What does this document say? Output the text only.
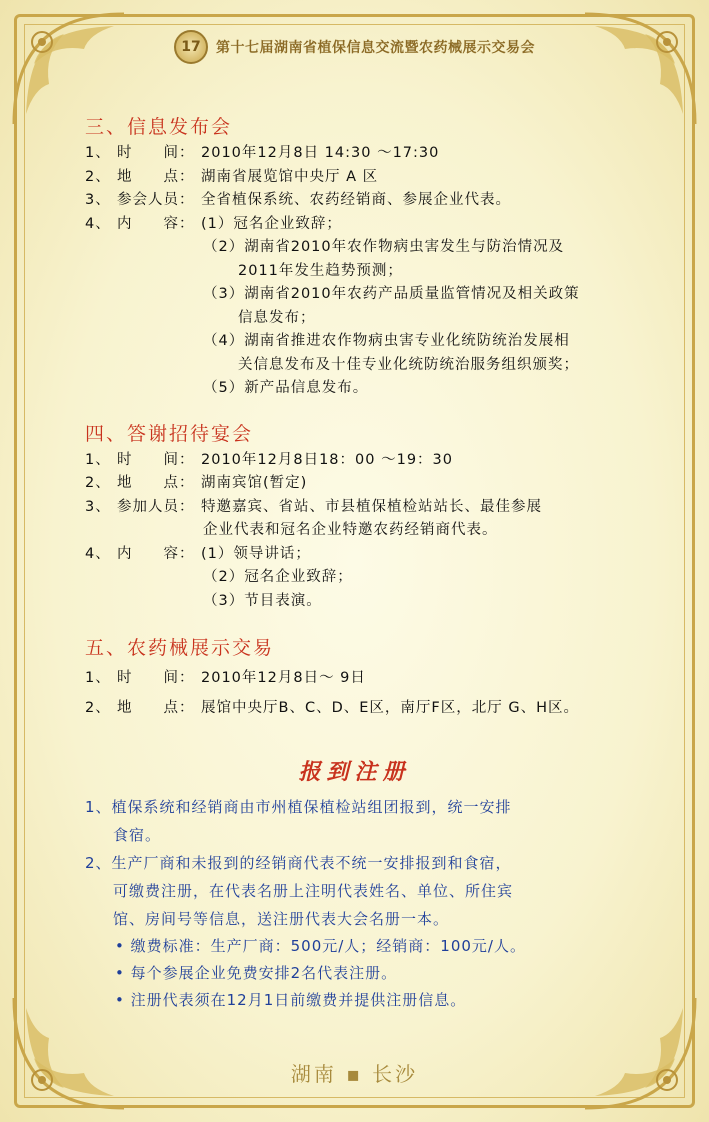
17	第十七届湖南省植保信息交流暨农药械展示交易会
三、信息发布会
1、 时　　间： 2010年12月8日 14:30 ～17:30
2、 地　　点： 湖南省展览馆中央厅 A 区
3、 参会人员： 全省植保系统、农药经销商、参展企业代表。
4、 内　　容： (1）冠名企业致辞；
（2）湖南省2010年农作物病虫害发生与防治情况及
2011年发生趋势预测；
（3）湖南省2010年农药产品质量监管情况及相关政策
信息发布；
（4）湖南省推进农作物病虫害专业化统防统治发展相
关信息发布及十佳专业化统防统治服务组织颁奖；
（5）新产品信息发布。
四、答谢招待宴会
1、 时　　间： 2010年12月8日18：00 ～19：30
2、 地　　点： 湖南宾馆(暂定)
3、 参加人员： 特邀嘉宾、省站、市县植保植检站站长、最佳参展
企业代表和冠名企业特邀农药经销商代表。
4、 内　　容： (1）领导讲话；
（2）冠名企业致辞；
（3）节目表演。
五、农药械展示交易
1、 时　　间： 2010年12月8日～ 9日
2、 地　　点： 展馆中央厅B、C、D、E区，南厅F区，北厅 G、H区。
报到注册
1、植保系统和经销商由市州植保植检站组团报到，统一安排
食宿。
2、生产厂商和未报到的经销商代表不统一安排报到和食宿，
可缴费注册，在代表名册上注明代表姓名、单位、所住宾
馆、房间号等信息，送注册代表大会名册一本。
• 缴费标准：生产厂商：500元/人；经销商：100元/人。
• 每个参展企业免费安排2名代表注册。
• 注册代表须在12月1日前缴费并提供注册信息。
湖南 ▪ 长沙
